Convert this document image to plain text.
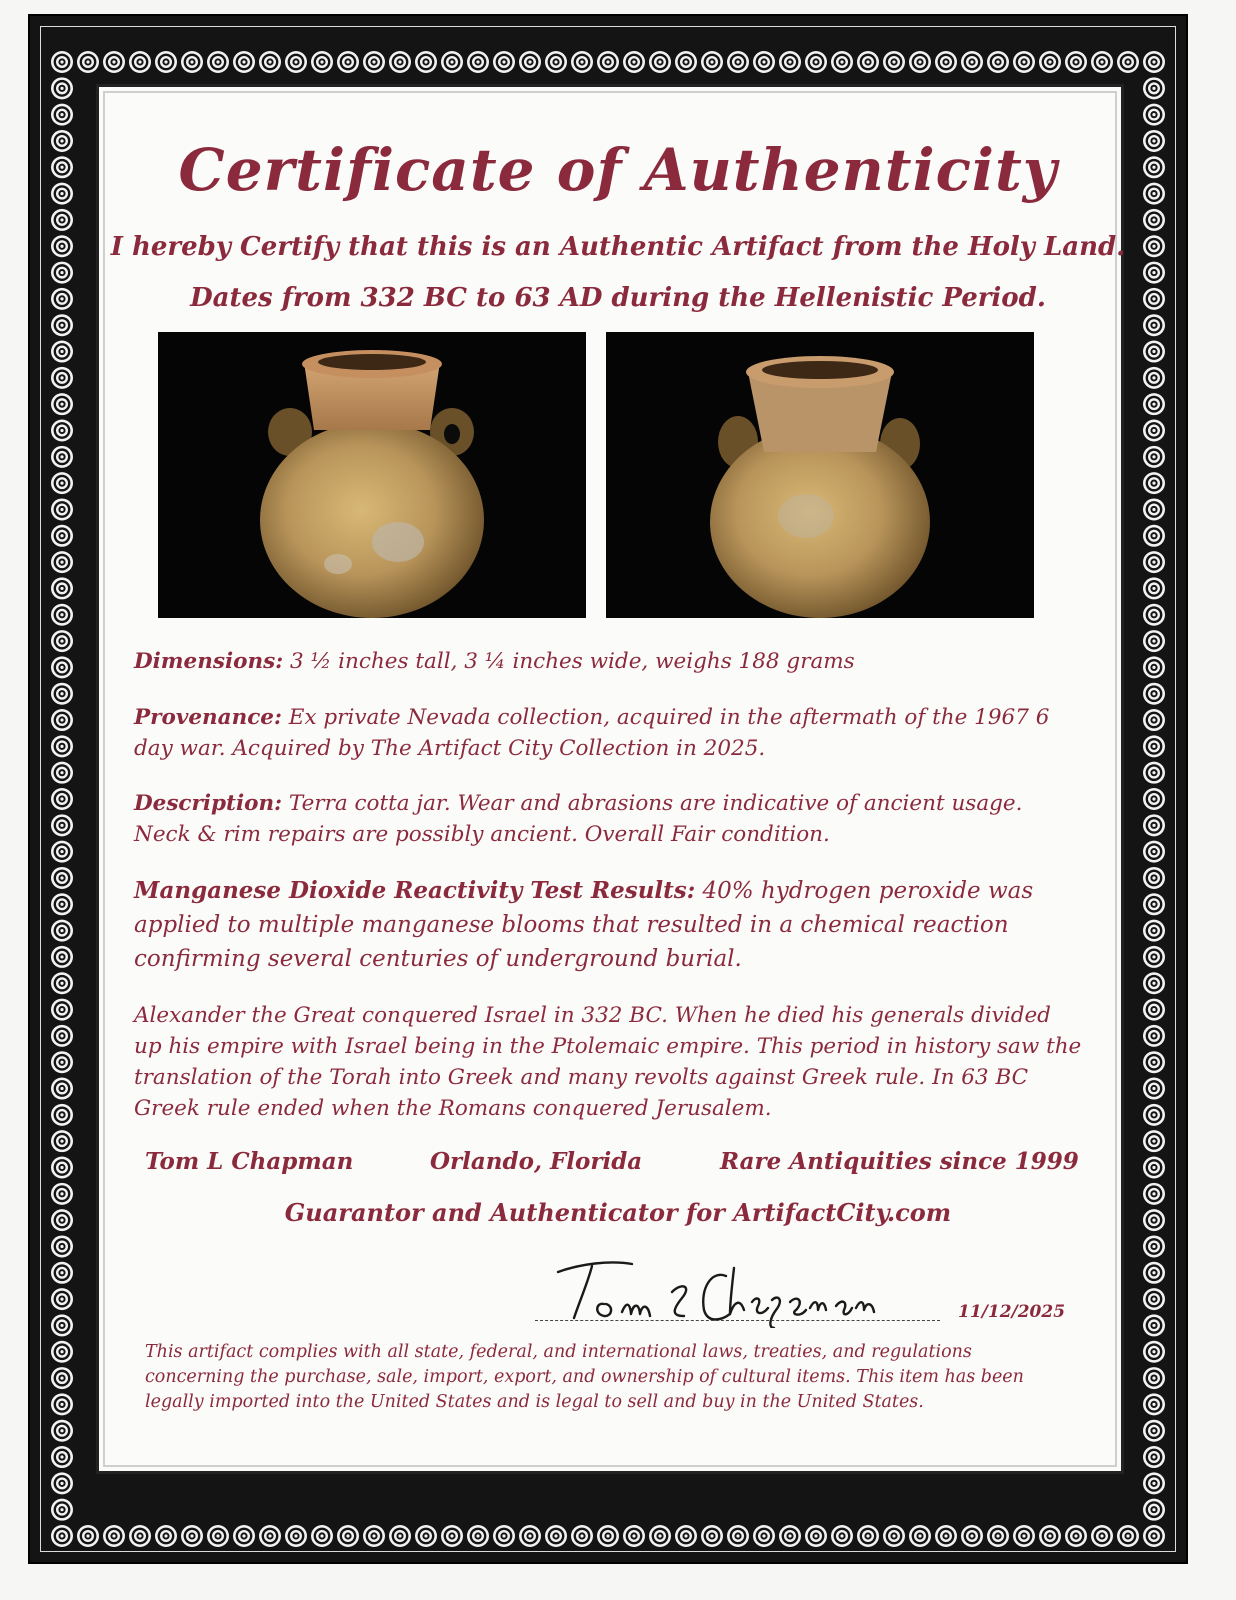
Certificate of Authenticity

I hereby Certify that this is an Authentic Artifact from the Holy Land.

Dates from 332 BC to 63 AD during the Hellenistic Period.

Dimensions: 3 ½ inches tall, 3 ¼ inches wide, weighs 188 grams

Provenance: Ex private Nevada collection, acquired in the aftermath of the 1967 6 day war. Acquired by The Artifact City Collection in 2025.

Description: Terra cotta jar. Wear and abrasions are indicative of ancient usage. Neck & rim repairs are possibly ancient. Overall Fair condition.

Manganese Dioxide Reactivity Test Results: 40% hydrogen peroxide was applied to multiple manganese blooms that resulted in a chemical reaction confirming several centuries of underground burial.

Alexander the Great conquered Israel in 332 BC. When he died his generals divided up his empire with Israel being in the Ptolemaic empire. This period in history saw the translation of the Torah into Greek and many revolts against Greek rule. In 63 BC Greek rule ended when the Romans conquered Jerusalem.

Tom L Chapman	Orlando, Florida	Rare Antiquities since 1999

Guarantor and Authenticator for ArtifactCity.com

11/12/2025

This artifact complies with all state, federal, and international laws, treaties, and regulations concerning the purchase, sale, import, export, and ownership of cultural items. This item has been legally imported into the United States and is legal to sell and buy in the United States.
